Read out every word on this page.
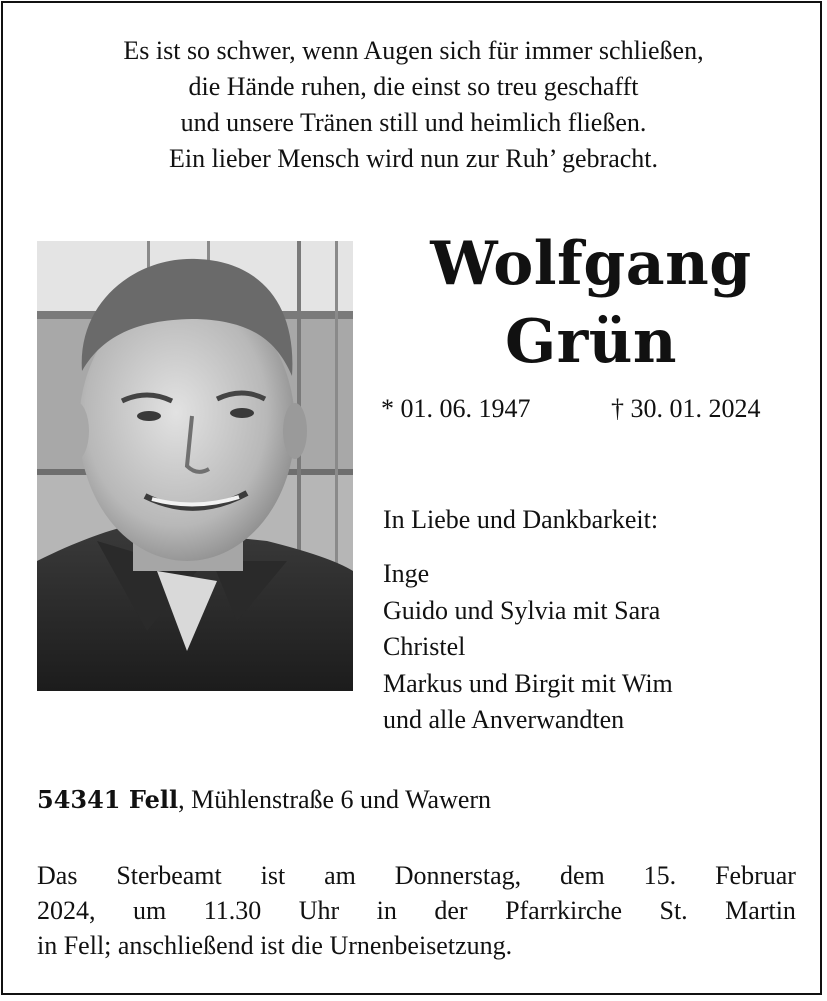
Es ist so schwer, wenn Augen sich für immer schließen,
die Hände ruhen, die einst so treu geschafft
und unsere Tränen still und heimlich fließen.
Ein lieber Mensch wird nun zur Ruh’ gebracht.
Wolfgang
Grün
* 01. 06. 1947	† 30. 01. 2024
In Liebe und Dankbarkeit:
Inge
Guido und Sylvia mit Sara
Christel
Markus und Birgit mit Wim
und alle Anverwandten
54341 Fell, Mühlenstraße 6 und Wawern
Das Sterbeamt ist am Donnerstag, dem 15. Februar
2024, um 11.30 Uhr in der Pfarrkirche St. Martin
in Fell; anschließend ist die Urnenbeisetzung.
